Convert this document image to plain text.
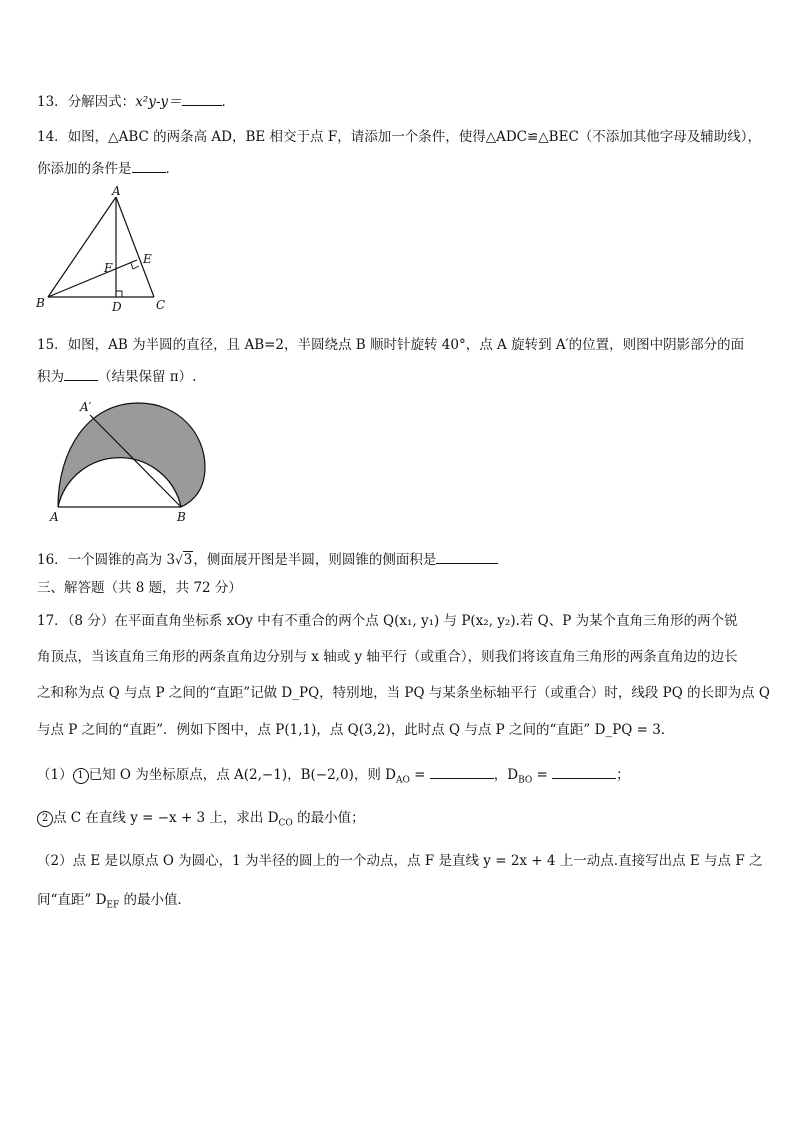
13．分解因式：x²y-y＝	．
14．如图，△ABC 的两条高 AD，BE 相交于点 F，请添加一个条件，使得△ADC≌△BEC（不添加其他字母及辅助线），
你添加的条件是	．
A
B	C
D
E
F
15．如图，AB 为半圆的直径，且 AB=2，半圆绕点 B 顺时针旋转 40°，点 A 旋转到 A′的位置，则图中阴影部分的面
积为	（结果保留 π）.
A	B
A′
16．一个圆锥的高为 3√3，侧面展开图是半圆，则圆锥的侧面积是
三、解答题（共 8 题，共 72 分）
17．（8 分）在平面直角坐标系 xOy 中有不重合的两个点 Q(x₁, y₁) 与 P(x₂, y₂).若 Q、P 为某个直角三角形的两个锐
角顶点，当该直角三角形的两条直角边分别与 x 轴或 y 轴平行（或重合），则我们将该直角三角形的两条直角边的边长
之和称为点 Q 与点 P 之间的“直距”记做 D_PQ，特别地，当 PQ 与某条坐标轴平行（或重合）时，线段 PQ 的长即为点 Q
与点 P 之间的“直距”．例如下图中，点 P(1,1)，点 Q(3,2)，此时点 Q 与点 P 之间的“直距” D_PQ = 3．
（1） 1 已知 O 为坐标原点，点 A(2,−1)，B(−2,0)，则 $D_{AO}$ =	，$D_{BO}$ =	；
2 点 C 在直线 y = −x + 3 上，求出 $D_{CO}$ 的最小值；
（2）点 E 是以原点 O 为圆心，1 为半径的圆上的一个动点，点 F 是直线 y = 2x + 4 上一动点.直接写出点 E 与点 F 之
间“直距” $D_{EF}$ 的最小值．
